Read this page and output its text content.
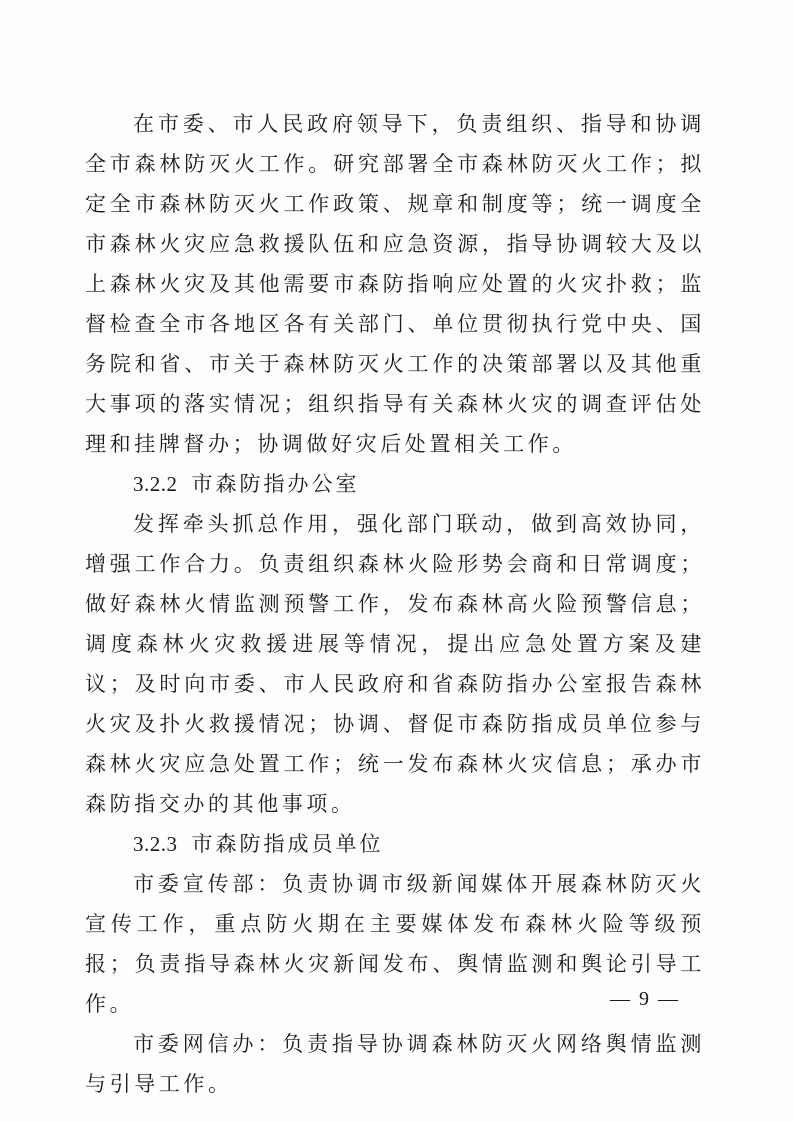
在市委、市人民政府领导下，负责组织、指导和协调全市森林防灭火工作。研究部署全市森林防灭火工作；拟定全市森林防灭火工作政策、规章和制度等；统一调度全市森林火灾应急救援队伍和应急资源，指导协调较大及以上森林火灾及其他需要市森防指响应处置的火灾扑救；监督检查全市各地区各有关部门、单位贯彻执行党中央、国务院和省、市关于森林防灭火工作的决策部署以及其他重大事项的落实情况；组织指导有关森林火灾的调查评估处理和挂牌督办；协调做好灾后处置相关工作。

3.2.2 市森防指办公室

发挥牵头抓总作用，强化部门联动，做到高效协同，增强工作合力。负责组织森林火险形势会商和日常调度；做好森林火情监测预警工作，发布森林高火险预警信息；调度森林火灾救援进展等情况，提出应急处置方案及建议；及时向市委、市人民政府和省森防指办公室报告森林火灾及扑火救援情况；协调、督促市森防指成员单位参与森林火灾应急处置工作；统一发布森林火灾信息；承办市森防指交办的其他事项。

3.2.3 市森防指成员单位

市委宣传部：负责协调市级新闻媒体开展森林防灭火宣传工作，重点防火期在主要媒体发布森林火险等级预报；负责指导森林火灾新闻发布、舆情监测和舆论引导工作。

市委网信办：负责指导协调森林防灭火网络舆情监测与引导工作。

— 9 —
